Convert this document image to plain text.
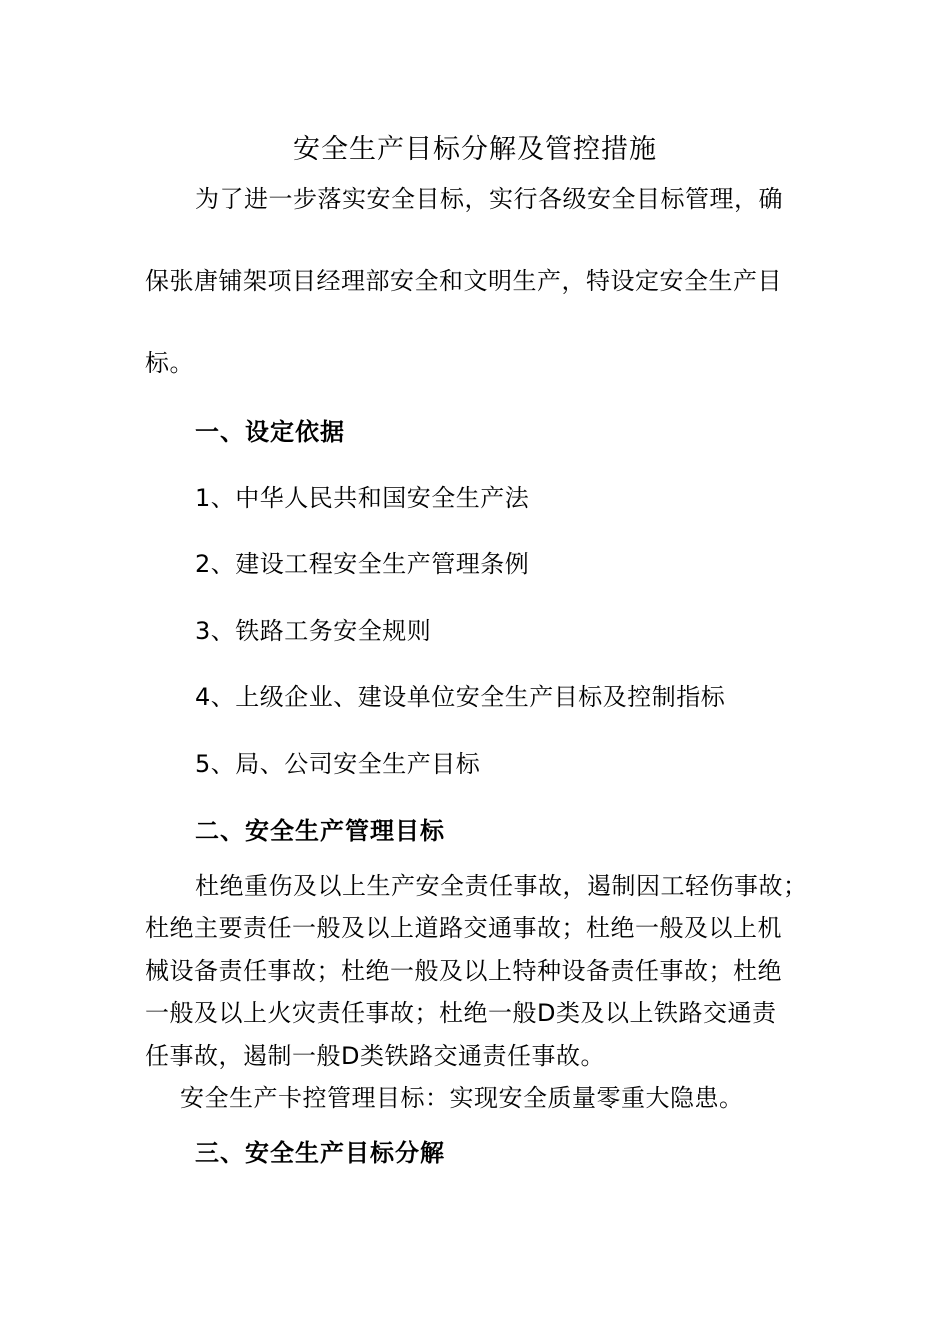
安全生产目标分解及管控措施
为了进一步落实安全目标，实行各级安全目标管理，确
保张唐铺架项目经理部安全和文明生产，特设定安全生产目
标。
一、设定依据
1、中华人民共和国安全生产法
2、建设工程安全生产管理条例
3、铁路工务安全规则
4、上级企业、建设单位安全生产目标及控制指标
5、局、公司安全生产目标
二、安全生产管理目标
杜绝重伤及以上生产安全责任事故，遏制因工轻伤事故；
杜绝主要责任一般及以上道路交通事故；杜绝一般及以上机
械设备责任事故；杜绝一般及以上特种设备责任事故；杜绝
一般及以上火灾责任事故；杜绝一般D类及以上铁路交通责
任事故，遏制一般D类铁路交通责任事故。
安全生产卡控管理目标：实现安全质量零重大隐患。
三、安全生产目标分解
